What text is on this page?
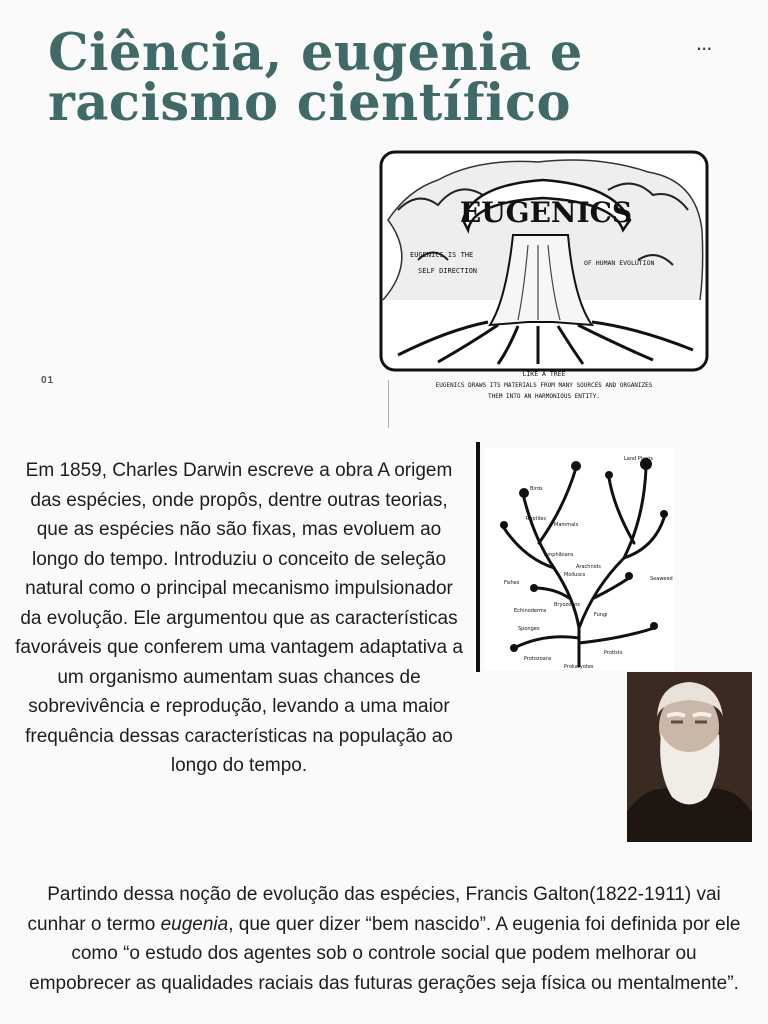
Ciência, eugenia e racismo científico
...
01
EUGENICS
EUGENICS IS THE
SELF DIRECTION
OF HUMAN EVOLUTION
LIKE A TREE
EUGENICS DRAWS ITS MATERIALS FROM MANY SOURCES AND ORGANIZES
THEM INTO AN HARMONIOUS ENTITY.

Em 1859, Charles Darwin escreve a obra A origem das espécies, onde propôs, dentre outras teorias, que as espécies não são fixas, mas evoluem ao longo do tempo. Introduziu o conceito de seleção natural como o principal mecanismo impulsionador da evolução. Ele argumentou que as características favoráveis que conferem uma vantagem adaptativa a um organismo aumentam suas chances de sobrevivência e reprodução, levando a uma maior frequência dessas características na população ao longo do tempo.

Land Plants
Birds
Mammals
Reptiles
Amphibians
Arachnids
Molluscs
Fishes
Echinoderms
Bryozoans
Sponges
Protozoans
Prokaryotes
Fungi
Seaweed
Protists

Partindo dessa noção de evolução das espécies, Francis Galton(1822-1911) vai cunhar o termo eugenia, que quer dizer “bem nascido”. A eugenia foi definida por ele como “o estudo dos agentes sob o controle social que podem melhorar ou empobrecer as qualidades raciais das futuras gerações seja física ou mentalmente”.
